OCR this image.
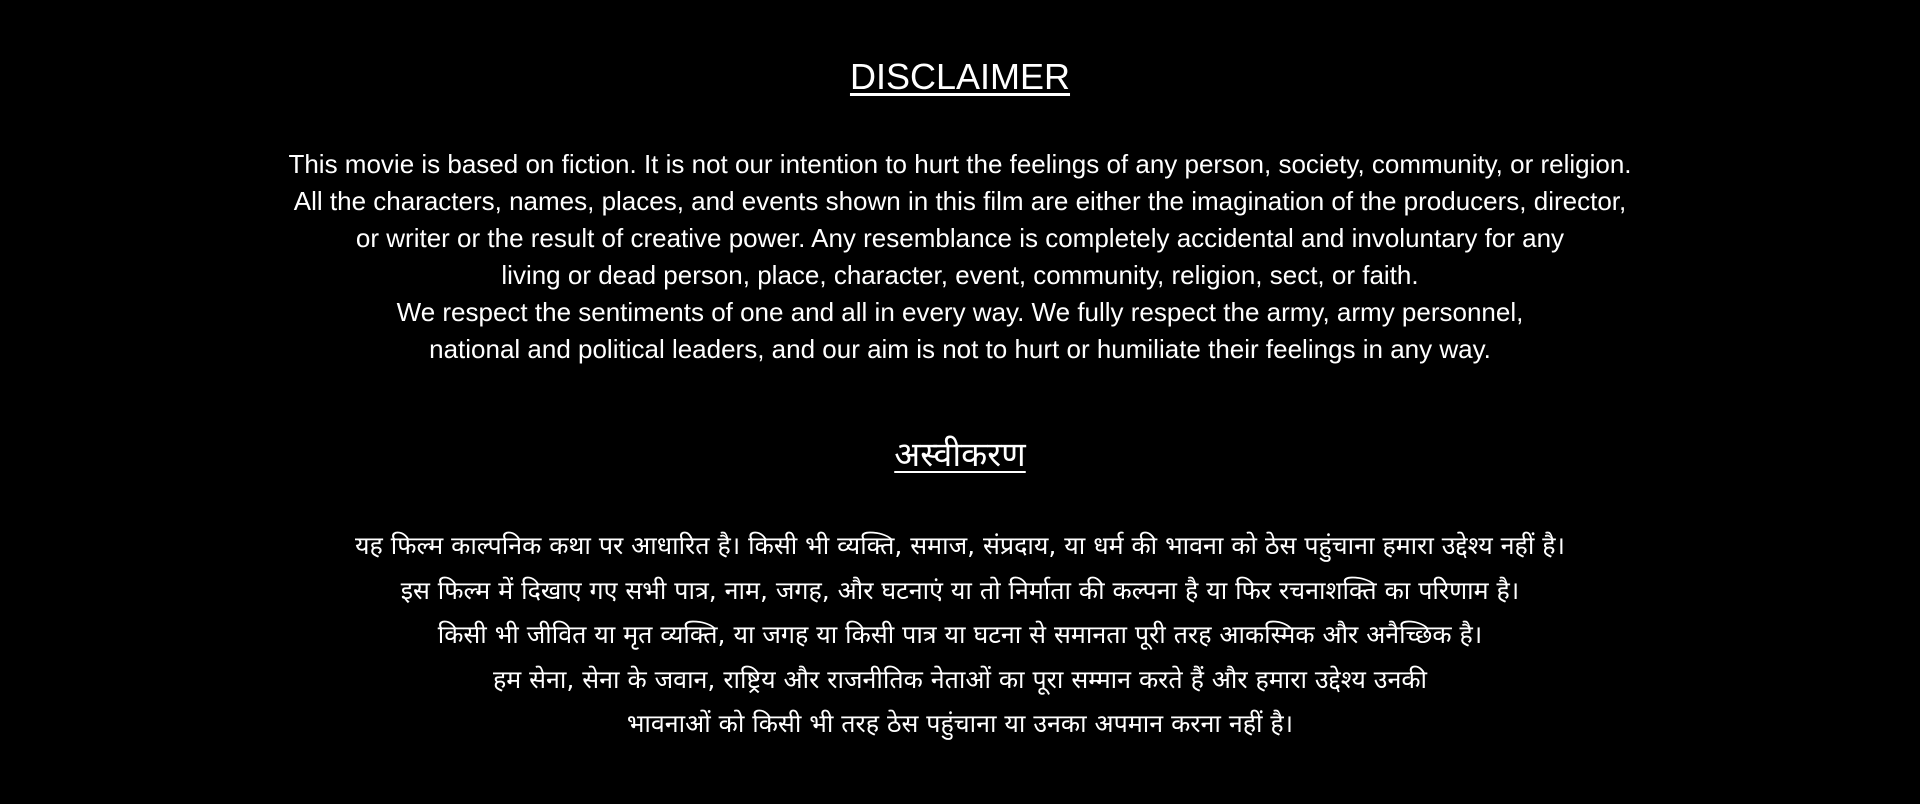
DISCLAIMER
This movie is based on fiction. It is not our intention to hurt the feelings of any person, society, community, or religion.
All the characters, names, places, and events shown in this film are either the imagination of the producers, director,
or writer or the result of creative power. Any resemblance is completely accidental and involuntary for any
living or dead person, place, character, event, community, religion, sect, or faith.
We respect the sentiments of one and all in every way. We fully respect the army, army personnel,
national and political leaders, and our aim is not to hurt or humiliate their feelings in any way.
अस्वीकरण
यह फिल्म काल्पनिक कथा पर आधारित है। किसी भी व्यक्ति, समाज, संप्रदाय, या धर्म की भावना को ठेस पहुंचाना हमारा उद्देश्य नहीं है।
इस फिल्म में दिखाए गए सभी पात्र, नाम, जगह, और घटनाएं या तो निर्माता की कल्पना है या फिर रचनाशक्ति का परिणाम है।
किसी भी जीवित या मृत व्यक्ति, या जगह या किसी पात्र या घटना से समानता पूरी तरह आकस्मिक और अनैच्छिक है।
हम सेना, सेना के जवान, राष्ट्रिय और राजनीतिक नेताओं का पूरा सम्मान करते हैं और हमारा उद्देश्य उनकी
भावनाओं को किसी भी तरह ठेस पहुंचाना या उनका अपमान करना नहीं है।
